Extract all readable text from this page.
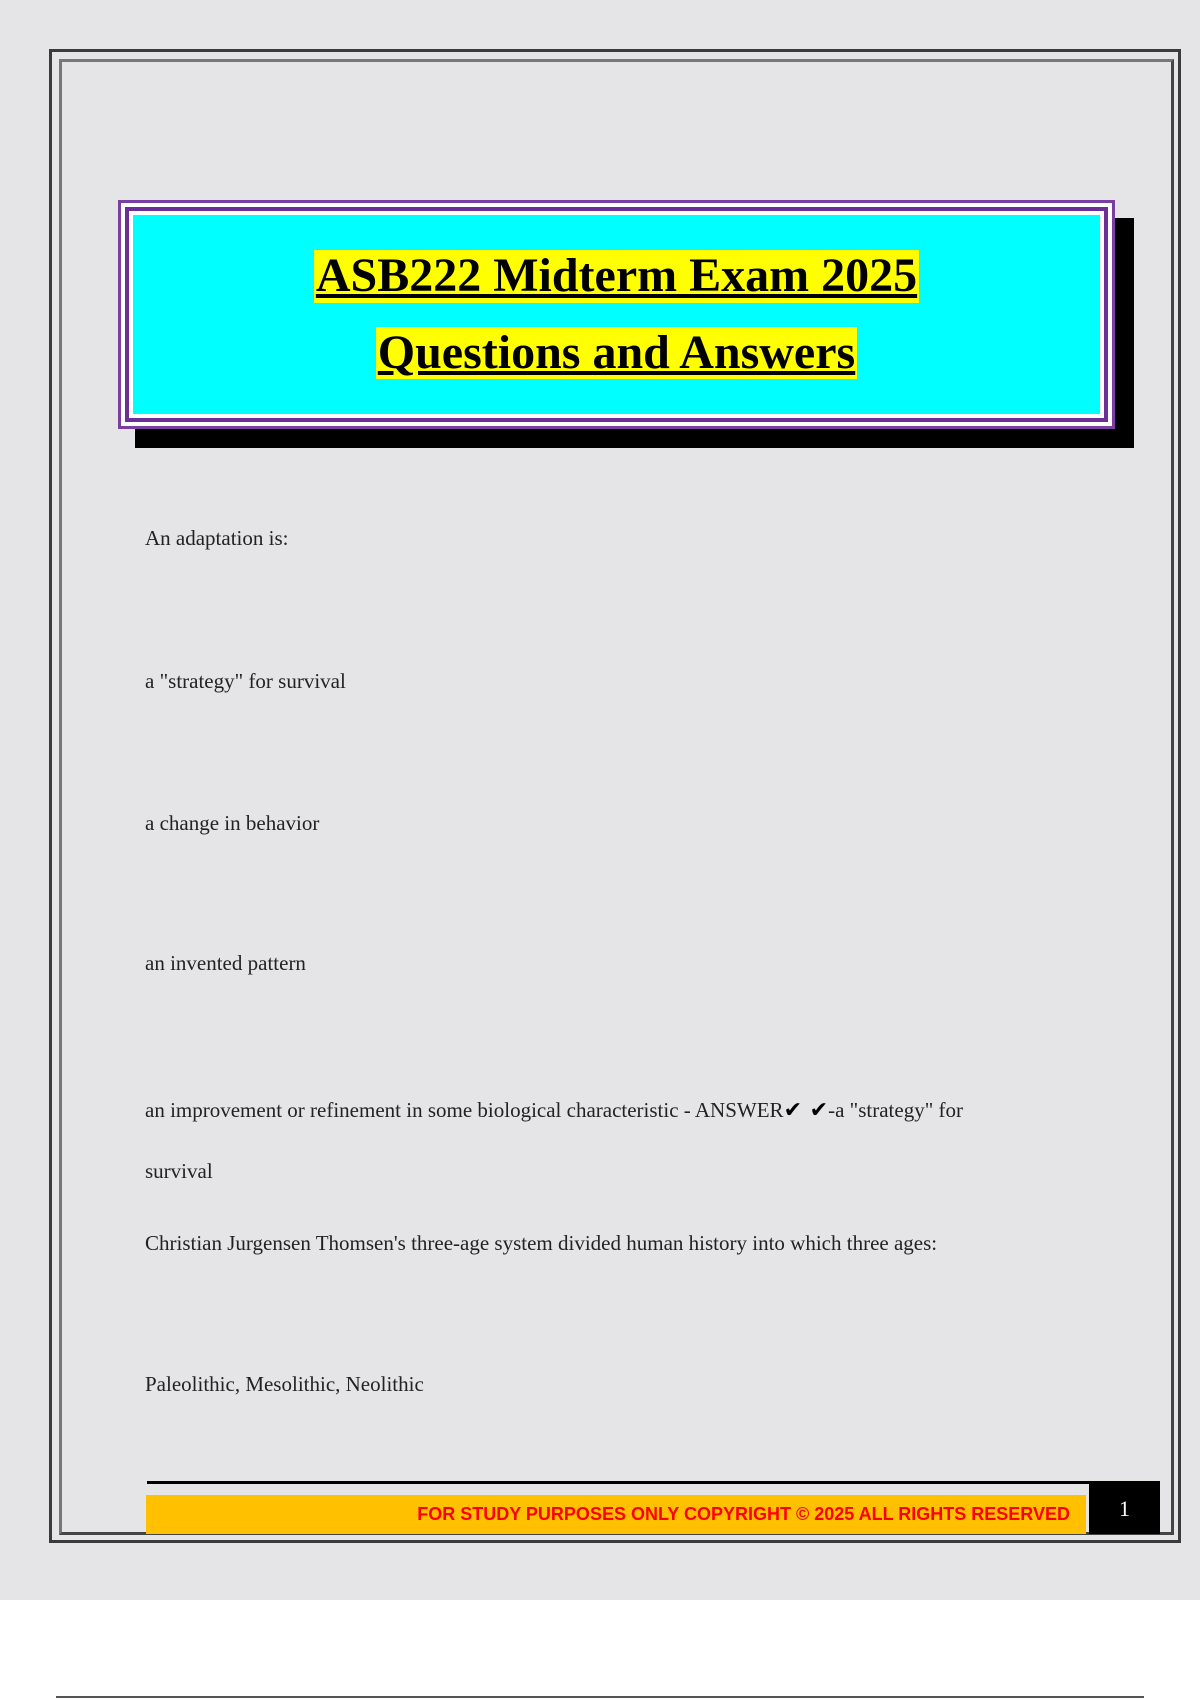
ASB222 Midterm Exam 2025
Questions and Answers
An adaptation is:
a "strategy" for survival
a change in behavior
an invented pattern
an improvement or refinement in some biological characteristic - ANSWER✔ ✔-a "strategy" for
survival
Christian Jurgensen Thomsen's three-age system divided human history into which three ages:
Paleolithic, Mesolithic, Neolithic
FOR STUDY PURPOSES ONLY COPYRIGHT © 2025 ALL RIGHTS RESERVED	1
